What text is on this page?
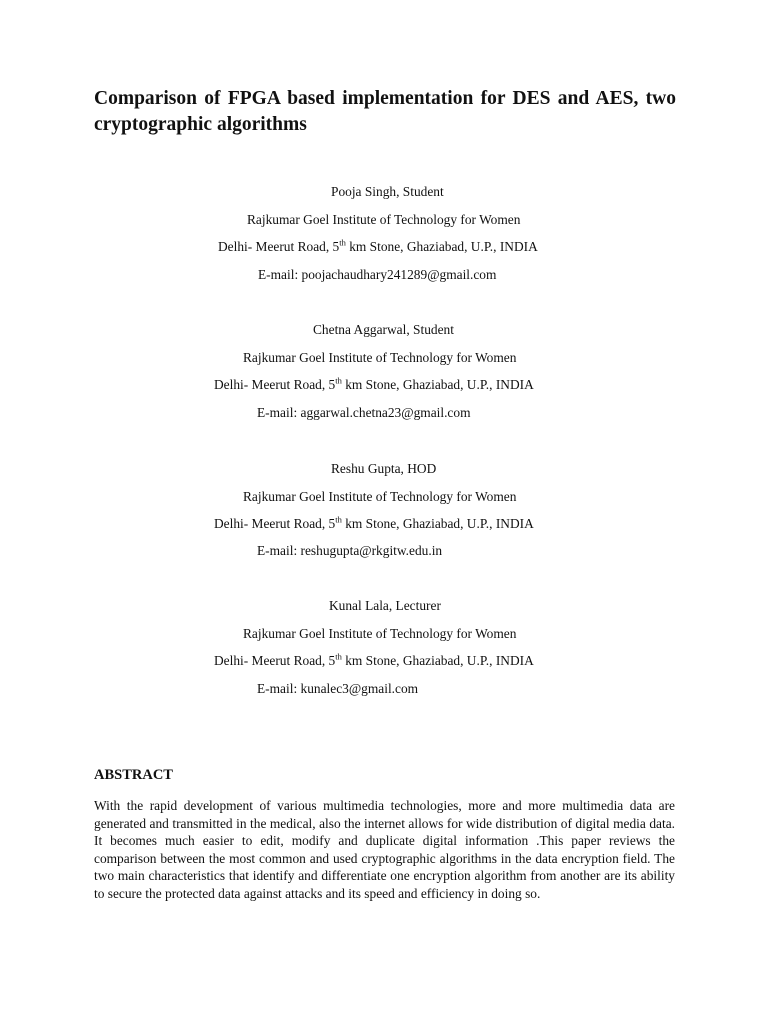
Comparison of FPGA based implementation for DES and AES, two cryptographic algorithms
Pooja Singh, Student
Rajkumar Goel Institute of Technology for Women
Delhi- Meerut Road, 5th km Stone, Ghaziabad, U.P., INDIA
E-mail: poojachaudhary241289@gmail.com
Chetna Aggarwal, Student
Rajkumar Goel Institute of Technology for Women
Delhi- Meerut Road, 5th km Stone, Ghaziabad, U.P., INDIA
E-mail: aggarwal.chetna23@gmail.com
Reshu Gupta, HOD
Rajkumar Goel Institute of Technology for Women
Delhi- Meerut Road, 5th km Stone, Ghaziabad, U.P., INDIA
E-mail: reshugupta@rkgitw.edu.in
Kunal Lala, Lecturer
Rajkumar Goel Institute of Technology for Women
Delhi- Meerut Road, 5th km Stone, Ghaziabad, U.P., INDIA
E-mail: kunalec3@gmail.com
ABSTRACT

With the rapid development of various multimedia technologies, more and more multimedia data are generated and transmitted in the medical, also the internet allows for wide distribution of digital media data. It becomes much easier to edit, modify and duplicate digital information .This paper reviews the comparison between the most common and used cryptographic algorithms in the data encryption field. The two main characteristics that identify and differentiate one encryption algorithm from another are its ability to secure the protected data against attacks and its speed and efficiency in doing so.
